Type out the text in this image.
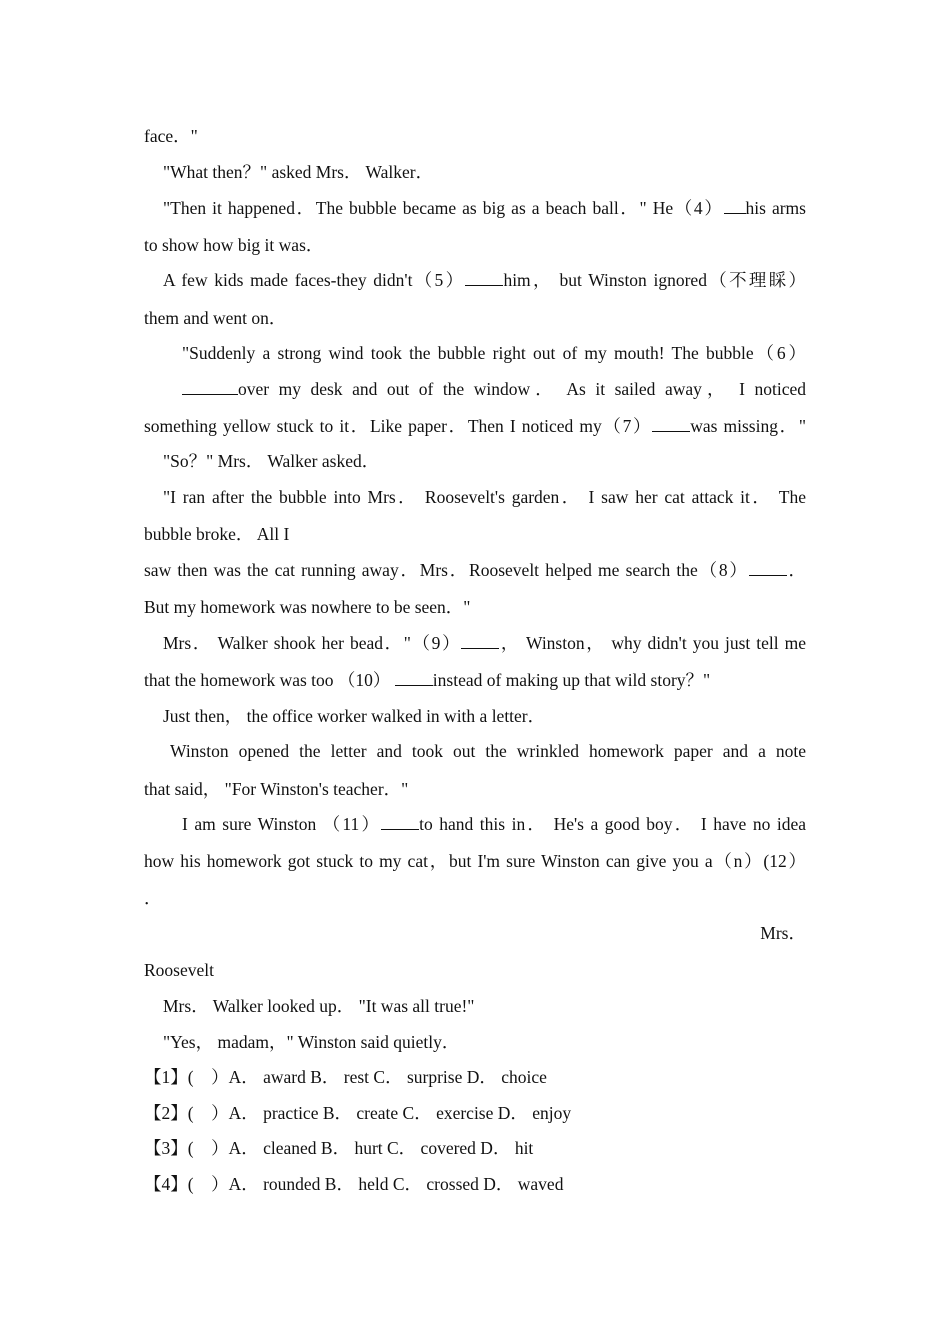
face．"
"What then？" asked Mrs． Walker．
"Then it happened．The bubble became as big as a beach ball．" He（4） his arms
to show how big it was．
A few kids made faces-they didn't（5） him， but Winston ignored（不理睬）
them and went on．
"Suddenly a strong wind took the bubble right out of my mouth! The bubble（6）
over my desk and out of the window． As it sailed away， I noticed
something yellow stuck to it．Like paper．Then I noticed my（7） was missing．"
"So？" Mrs． Walker asked．
"I ran after the bubble into Mrs． Roosevelt's garden． I saw her cat attack it． The
bubble broke． All I
saw then was the cat running away．Mrs．Roosevelt helped me search the（8） ．
But my homework was nowhere to be seen．"
Mrs． Walker shook her bead．"（9） ， Winston， why didn't you just tell me
that the homework was too （10） instead of making up that wild story？"
Just then， the office worker walked in with a letter．
Winston opened the letter and took out the wrinkled homework paper and a note
that said， "For Winston's teacher．"
I am sure Winston （11） to hand this in． He's a good boy． I have no idea
how his homework got stuck to my cat，but I'm sure Winston can give you a（n）(12）
．
Mrs．
Roosevelt
Mrs． Walker looked up． "It was all true!"
"Yes， madam，" Winston said quietly．
【1】(　）A． award B． rest C． surprise D． choice
【2】(　）A． practice B． create C． exercise D． enjoy
【3】(　）A． cleaned B． hurt C． covered D． hit
【4】(　）A． rounded B． held C． crossed D． waved
